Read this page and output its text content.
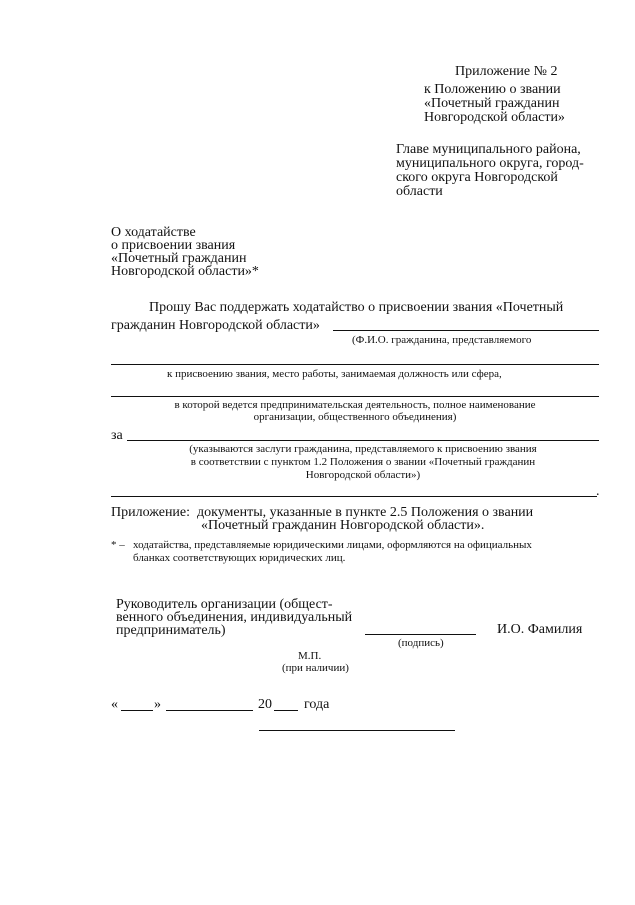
Приложение № 2
к Положению о звании
«Почетный гражданин
Новгородской области»
Главе муниципального района,
муниципального округа, город-
ского округа Новгородской
области
О ходатайстве
о присвоении звания
«Почетный гражданин
Новгородской области»*
Прошу Вас поддержать ходатайство о присвоении звания «Почетный
гражданин Новгородской области»
(Ф.И.О. гражданина, представляемого
к присвоению звания, место работы, занимаемая должность или сфера,
в которой ведется предпринимательская деятельность, полное наименование
организации, общественного объединения)
за
(указываются заслуги гражданина, представляемого к присвоению звания
в соответствии с пунктом 1.2 Положения о звании «Почетный гражданин
Новгородской области»)
.
Приложение: документы, указанные в пункте 2.5 Положения о звании
«Почетный гражданин Новгородской области».
* – ходатайства, представляемые юридическими лицами, оформляются на официальных
бланках соответствующих юридических лиц.
Руководитель организации (общест-
венного объединения, индивидуальный
предприниматель)
(подпись)
И.О. Фамилия
М.П.
(при наличии)
«	»	20 года
